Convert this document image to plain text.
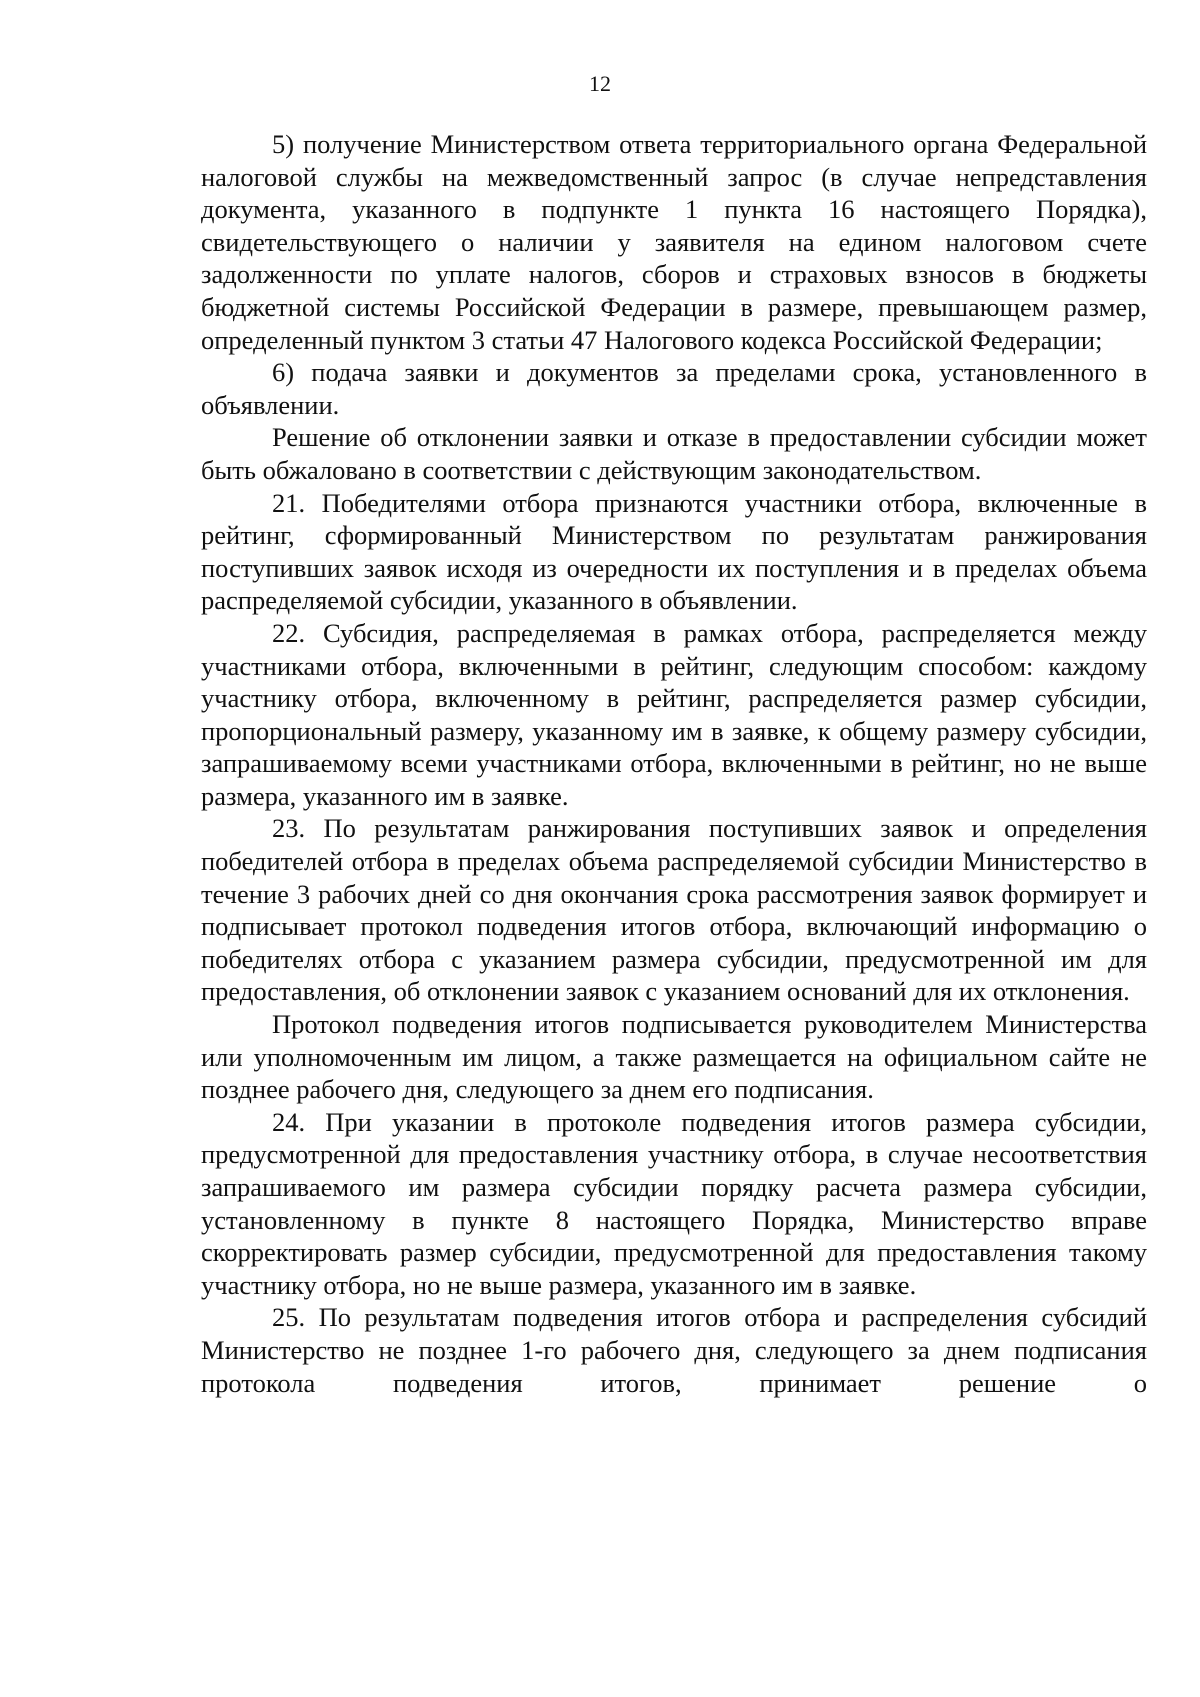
12

5) получение Министерством ответа территориального органа Федеральной налоговой службы на межведомственный запрос (в случае непредставления документа, указанного в подпункте 1 пункта 16 настоящего Порядка), свидетельствующего о наличии у заявителя на едином налоговом счете задолженности по уплате налогов, сборов и страховых взносов в бюджеты бюджетной системы Российской Федерации в размере, превышающем размер, определенный пунктом 3 статьи 47 Налогового кодекса Российской Федерации;

6) подача заявки и документов за пределами срока, установленного в объявлении.

Решение об отклонении заявки и отказе в предоставлении субсидии может быть обжаловано в соответствии с действующим законодательством.

21. Победителями отбора признаются участники отбора, включенные в рейтинг, сформированный Министерством по результатам ранжирования поступивших заявок исходя из очередности их поступления и в пределах объема распределяемой субсидии, указанного в объявлении.

22. Субсидия, распределяемая в рамках отбора, распределяется между участниками отбора, включенными в рейтинг, следующим способом: каждому участнику отбора, включенному в рейтинг, распределяется размер субсидии, пропорциональный размеру, указанному им в заявке, к общему размеру субсидии, запрашиваемому всеми участниками отбора, включенными в рейтинг, но не выше размера, указанного им в заявке.

23. По результатам ранжирования поступивших заявок и определения победителей отбора в пределах объема распределяемой субсидии Министерство в течение 3 рабочих дней со дня окончания срока рассмотрения заявок формирует и подписывает протокол подведения итогов отбора, включающий информацию о победителях отбора с указанием размера субсидии, предусмотренной им для предоставления, об отклонении заявок с указанием оснований для их отклонения.

Протокол подведения итогов подписывается руководителем Министерства или уполномоченным им лицом, а также размещается на официальном сайте не позднее рабочего дня, следующего за днем его подписания.

24. При указании в протоколе подведения итогов размера субсидии, предусмотренной для предоставления участнику отбора, в случае несоответствия запрашиваемого им размера субсидии порядку расчета размера субсидии, установленному в пункте 8 настоящего Порядка, Министерство вправе скорректировать размер субсидии, предусмотренной для предоставления такому участнику отбора, но не выше размера, указанного им в заявке.

25. По результатам подведения итогов отбора и распределения субсидий Министерство не позднее 1-го рабочего дня, следующего за днем подписания протокола подведения итогов, принимает решение о
